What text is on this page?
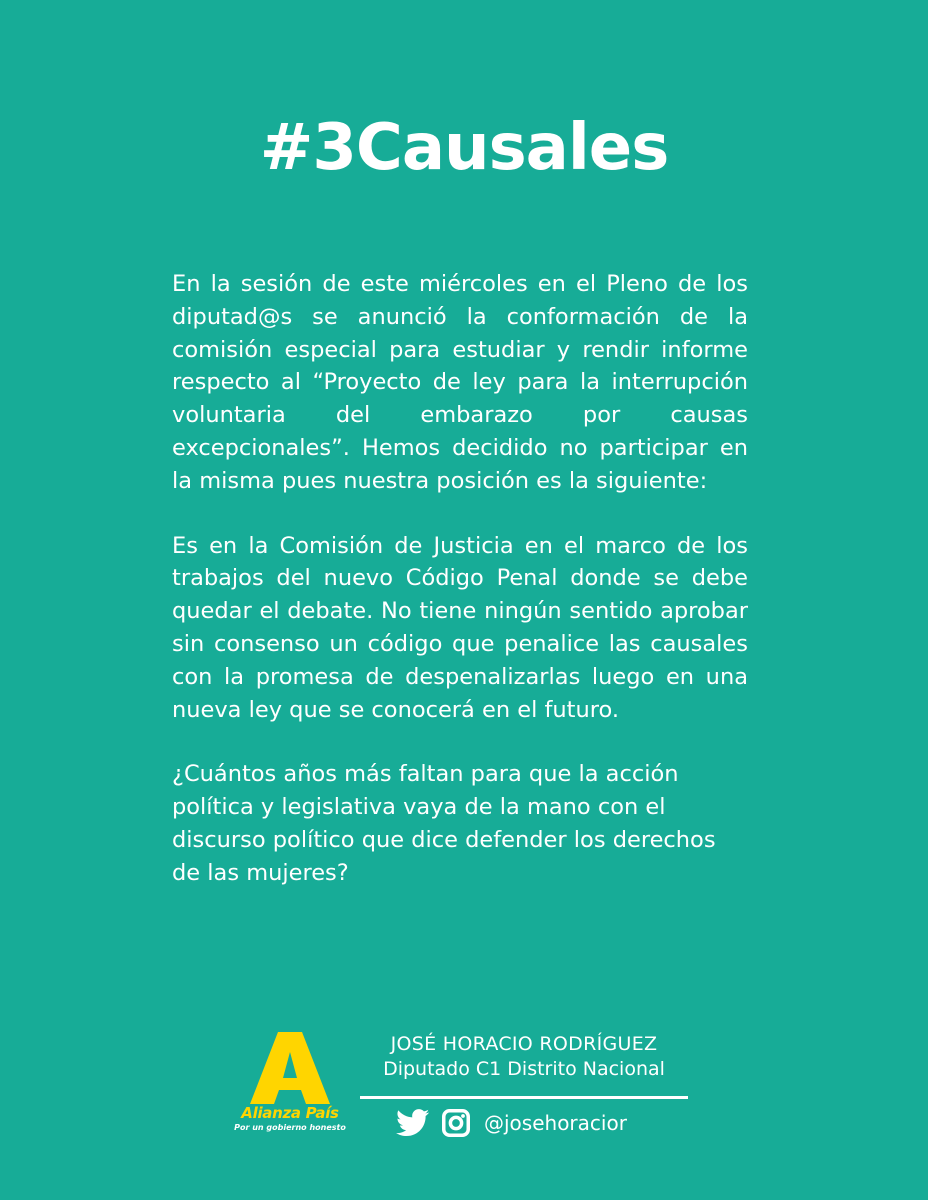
#3Causales

En la sesión de este miércoles en el Pleno de los diputad@s se anunció la conformación de la comisión especial para estudiar y rendir informe respecto al “Proyecto de ley para la interrupción voluntaria del embarazo por causas excepcionales”. Hemos decidido no participar en la misma pues nuestra posición es la siguiente:

Es en la Comisión de Justicia en el marco de los trabajos del nuevo Código Penal donde se debe quedar el debate. No tiene ningún sentido aprobar sin consenso un código que penalice las causales con la promesa de despenalizarlas luego en una nueva ley que se conocerá en el futuro.

¿Cuántos años más faltan para que la acción política y legislativa vaya de la mano con el discurso político que dice defender los derechos de las mujeres?

Alianza País
Por un gobierno honesto
JOSÉ HORACIO RODRÍGUEZ
Diputado C1 Distrito Nacional
@josehoracior
